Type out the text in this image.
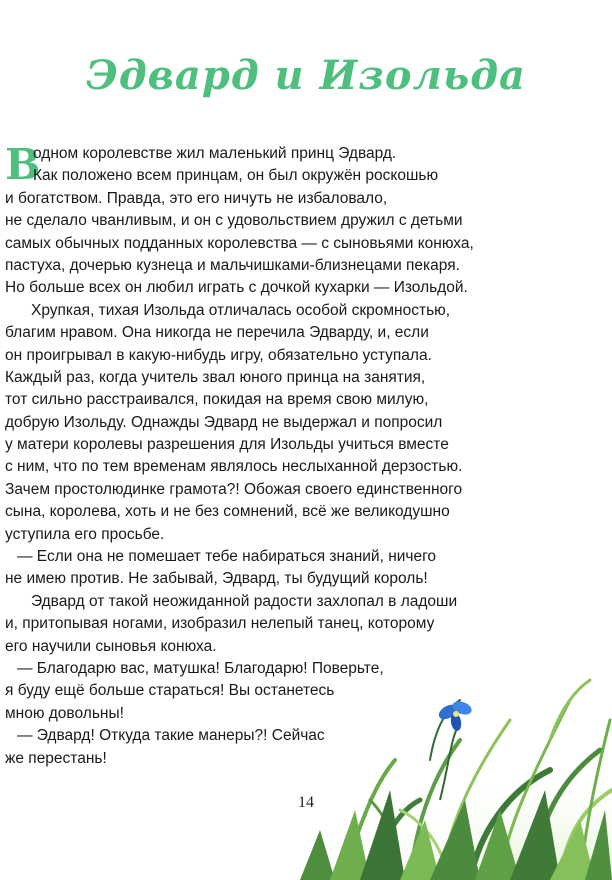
Эдвард и Изольда
В
одном королевстве жил маленький принц Эдвард.
Как положено всем принцам, он был окружён роскошью
и богатством. Правда, это его ничуть не избаловало,
не сделало чванливым, и он с удовольствием дружил с детьми
самых обычных подданных королевства — с сыновьями конюха,
пастуха, дочерью кузнеца и мальчишками-близнецами пекаря.
Но больше всех он любил играть с дочкой кухарки — Изольдой.
Хрупкая, тихая Изольда отличалась особой скромностью,
благим нравом. Она никогда не перечила Эдварду, и, если
он проигрывал в какую-нибудь игру, обязательно уступала.
Каждый раз, когда учитель звал юного принца на занятия,
тот сильно расстраивался, покидая на время свою милую,
добрую Изольду. Однажды Эдвард не выдержал и попросил
у матери королевы разрешения для Изольды учиться вместе
с ним, что по тем временам являлось неслыханной дерзостью.
Зачем простолюдинке грамота?! Обожая своего единственного
сына, королева, хоть и не без сомнений, всё же великодушно
уступила его просьбе.
— Если она не помешает тебе набираться знаний, ничего
не имею против. Не забывай, Эдвард, ты будущий король!
Эдвард от такой неожиданной радости захлопал в ладоши
и, притопывая ногами, изобразил нелепый танец, которому
его научили сыновья конюха.
— Благодарю вас, матушка! Благодарю! Поверьте,
я буду ещё больше стараться! Вы останетесь
мною довольны!
— Эдвард! Откуда такие манеры?! Сейчас
же перестань!
14
